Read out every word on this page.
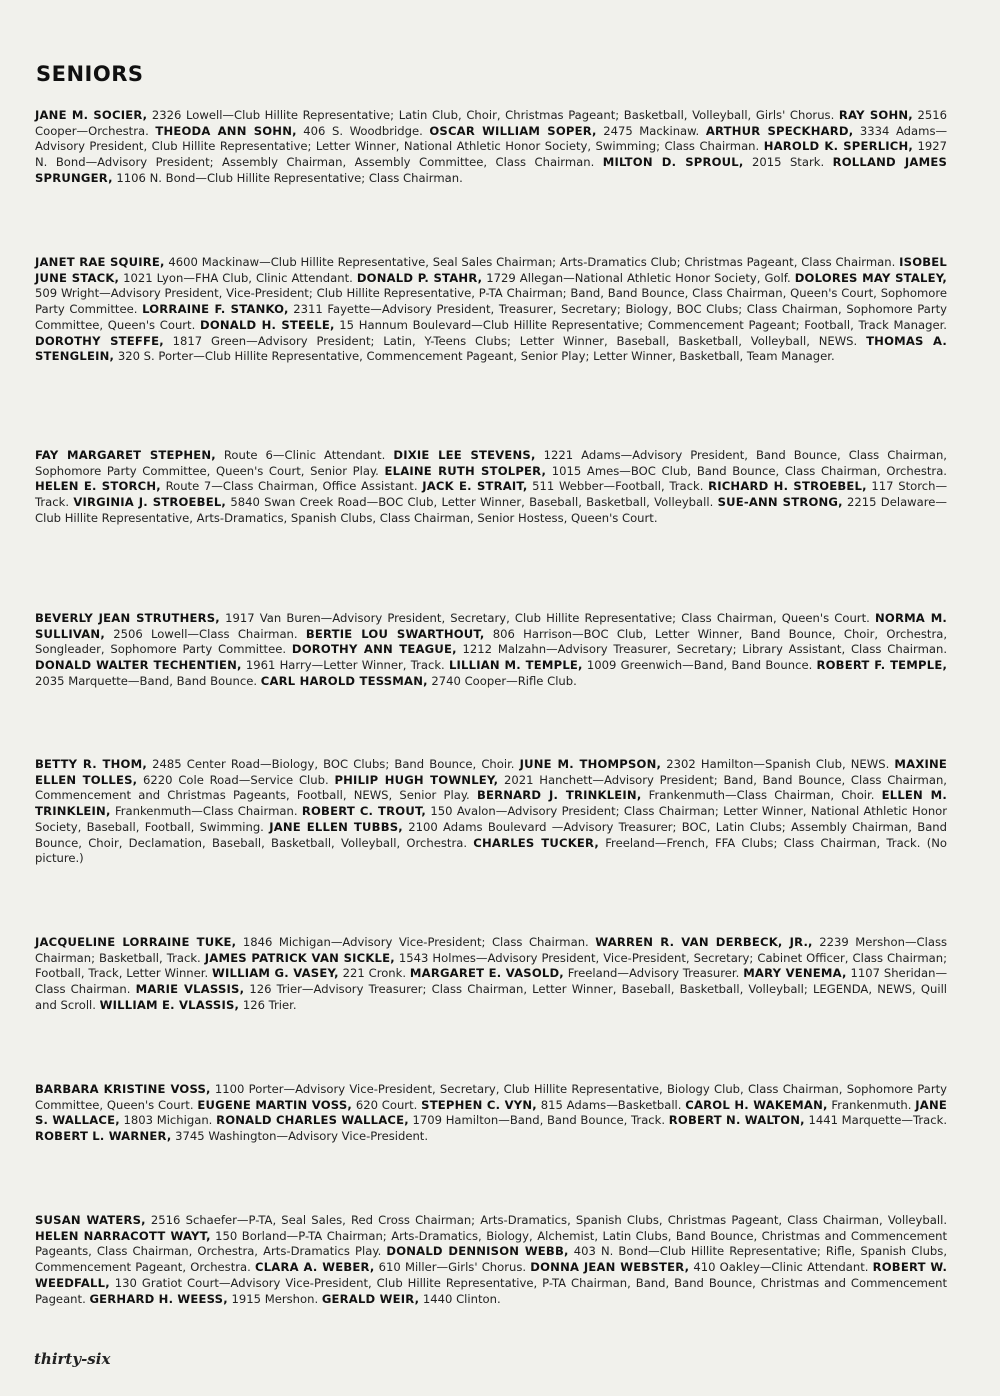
SENIORS
JANE M. SOCIER, 2326 Lowell—Club Hillite Representative; Latin Club, Choir, Christmas Pageant; Basketball, Volleyball, Girls' Chorus. RAY SOHN, 2516 Cooper—Orchestra. THEODA ANN SOHN, 406 S. Woodbridge. OSCAR WILLIAM SOPER, 2475 Mackinaw. ARTHUR SPECKHARD, 3334 Adams—Advisory President, Club Hillite Representative; Letter Winner, National Athletic Honor Society, Swimming; Class Chairman. HAROLD K. SPERLICH, 1927 N. Bond—Advisory President; Assembly Chairman, Assembly Committee, Class Chairman. MILTON D. SPROUL, 2015 Stark. ROLLAND JAMES SPRUNGER, 1106 N. Bond—Club Hillite Representative; Class Chairman.
JANET RAE SQUIRE, 4600 Mackinaw—Club Hillite Representative, Seal Sales Chairman; Arts-Dramatics Club; Christmas Pageant, Class Chairman. ISOBEL JUNE STACK, 1021 Lyon—FHA Club, Clinic Attendant. DONALD P. STAHR, 1729 Allegan—National Athletic Honor Society, Golf. DOLORES MAY STALEY, 509 Wright—Advisory President, Vice-President; Club Hillite Representative, P-TA Chairman; Band, Band Bounce, Class Chairman, Queen's Court, Sophomore Party Committee. LORRAINE F. STANKO, 2311 Fayette—Advisory President, Treasurer, Secretary; Biology, BOC Clubs; Class Chairman, Sophomore Party Committee, Queen's Court. DONALD H. STEELE, 15 Hannum Boulevard—Club Hillite Representative; Commencement Pageant; Football, Track Manager. DOROTHY STEFFE, 1817 Green—Advisory President; Latin, Y-Teens Clubs; Letter Winner, Baseball, Basketball, Volleyball, NEWS. THOMAS A. STENGLEIN, 320 S. Porter—Club Hillite Representative, Commencement Pageant, Senior Play; Letter Winner, Basketball, Team Manager.
FAY MARGARET STEPHEN, Route 6—Clinic Attendant. DIXIE LEE STEVENS, 1221 Adams—Advisory President, Band Bounce, Class Chairman, Sophomore Party Committee, Queen's Court, Senior Play. ELAINE RUTH STOLPER, 1015 Ames—BOC Club, Band Bounce, Class Chairman, Orchestra. HELEN E. STORCH, Route 7—Class Chairman, Office Assistant. JACK E. STRAIT, 511 Webber—Football, Track. RICHARD H. STROEBEL, 117 Storch—Track. VIRGINIA J. STROEBEL, 5840 Swan Creek Road—BOC Club, Letter Winner, Baseball, Basketball, Volleyball. SUE-ANN STRONG, 2215 Delaware—Club Hillite Representative, Arts-Dramatics, Spanish Clubs, Class Chairman, Senior Hostess, Queen's Court.
BEVERLY JEAN STRUTHERS, 1917 Van Buren—Advisory President, Secretary, Club Hillite Representative; Class Chairman, Queen's Court. NORMA M. SULLIVAN, 2506 Lowell—Class Chairman. BERTIE LOU SWARTHOUT, 806 Harrison—BOC Club, Letter Winner, Band Bounce, Choir, Orchestra, Songleader, Sophomore Party Committee. DOROTHY ANN TEAGUE, 1212 Malzahn—Advisory Treasurer, Secretary; Library Assistant, Class Chairman. DONALD WALTER TECHENTIEN, 1961 Harry—Letter Winner, Track. LILLIAN M. TEMPLE, 1009 Greenwich—Band, Band Bounce. ROBERT F. TEMPLE, 2035 Marquette—Band, Band Bounce. CARL HAROLD TESSMAN, 2740 Cooper—Rifle Club.
BETTY R. THOM, 2485 Center Road—Biology, BOC Clubs; Band Bounce, Choir. JUNE M. THOMPSON, 2302 Hamilton—Spanish Club, NEWS. MAXINE ELLEN TOLLES, 6220 Cole Road—Service Club. PHILIP HUGH TOWNLEY, 2021 Hanchett—Advisory President; Band, Band Bounce, Class Chairman, Commencement and Christmas Pageants, Football, NEWS, Senior Play. BERNARD J. TRINKLEIN, Frankenmuth—Class Chairman, Choir. ELLEN M. TRINKLEIN, Frankenmuth—Class Chairman. ROBERT C. TROUT, 150 Avalon—Advisory President; Class Chairman; Letter Winner, National Athletic Honor Society, Baseball, Football, Swimming. JANE ELLEN TUBBS, 2100 Adams Boulevard —Advisory Treasurer; BOC, Latin Clubs; Assembly Chairman, Band Bounce, Choir, Declamation, Baseball, Basketball, Volleyball, Orchestra. CHARLES TUCKER, Freeland—French, FFA Clubs; Class Chairman, Track. (No picture.)
JACQUELINE LORRAINE TUKE, 1846 Michigan—Advisory Vice-President; Class Chairman. WARREN R. VAN DERBECK, JR., 2239 Mershon—Class Chairman; Basketball, Track. JAMES PATRICK VAN SICKLE, 1543 Holmes—Advisory President, Vice-President, Secretary; Cabinet Officer, Class Chairman; Football, Track, Letter Winner. WILLIAM G. VASEY, 221 Cronk. MARGARET E. VASOLD, Freeland—Advisory Treasurer. MARY VENEMA, 1107 Sheridan—Class Chairman. MARIE VLASSIS, 126 Trier—Advisory Treasurer; Class Chairman, Letter Winner, Baseball, Basketball, Volleyball; LEGENDA, NEWS, Quill and Scroll. WILLIAM E. VLASSIS, 126 Trier.
BARBARA KRISTINE VOSS, 1100 Porter—Advisory Vice-President, Secretary, Club Hillite Representative, Biology Club, Class Chairman, Sophomore Party Committee, Queen's Court. EUGENE MARTIN VOSS, 620 Court. STEPHEN C. VYN, 815 Adams—Basketball. CAROL H. WAKEMAN, Frankenmuth. JANE S. WALLACE, 1803 Michigan. RONALD CHARLES WALLACE, 1709 Hamilton—Band, Band Bounce, Track. ROBERT N. WALTON, 1441 Marquette—Track. ROBERT L. WARNER, 3745 Washington—Advisory Vice-President.
SUSAN WATERS, 2516 Schaefer—P-TA, Seal Sales, Red Cross Chairman; Arts-Dramatics, Spanish Clubs, Christmas Pageant, Class Chairman, Volleyball. HELEN NARRACOTT WAYT, 150 Borland—P-TA Chairman; Arts-Dramatics, Biology, Alchemist, Latin Clubs, Band Bounce, Christmas and Commencement Pageants, Class Chairman, Orchestra, Arts-Dramatics Play. DONALD DENNISON WEBB, 403 N. Bond—Club Hillite Representative; Rifle, Spanish Clubs, Commencement Pageant, Orchestra. CLARA A. WEBER, 610 Miller—Girls' Chorus. DONNA JEAN WEBSTER, 410 Oakley—Clinic Attendant. ROBERT W. WEEDFALL, 130 Gratiot Court—Advisory Vice-President, Club Hillite Representative, P-TA Chairman, Band, Band Bounce, Christmas and Commencement Pageant. GERHARD H. WEESS, 1915 Mershon. GERALD WEIR, 1440 Clinton.
thirty-six
